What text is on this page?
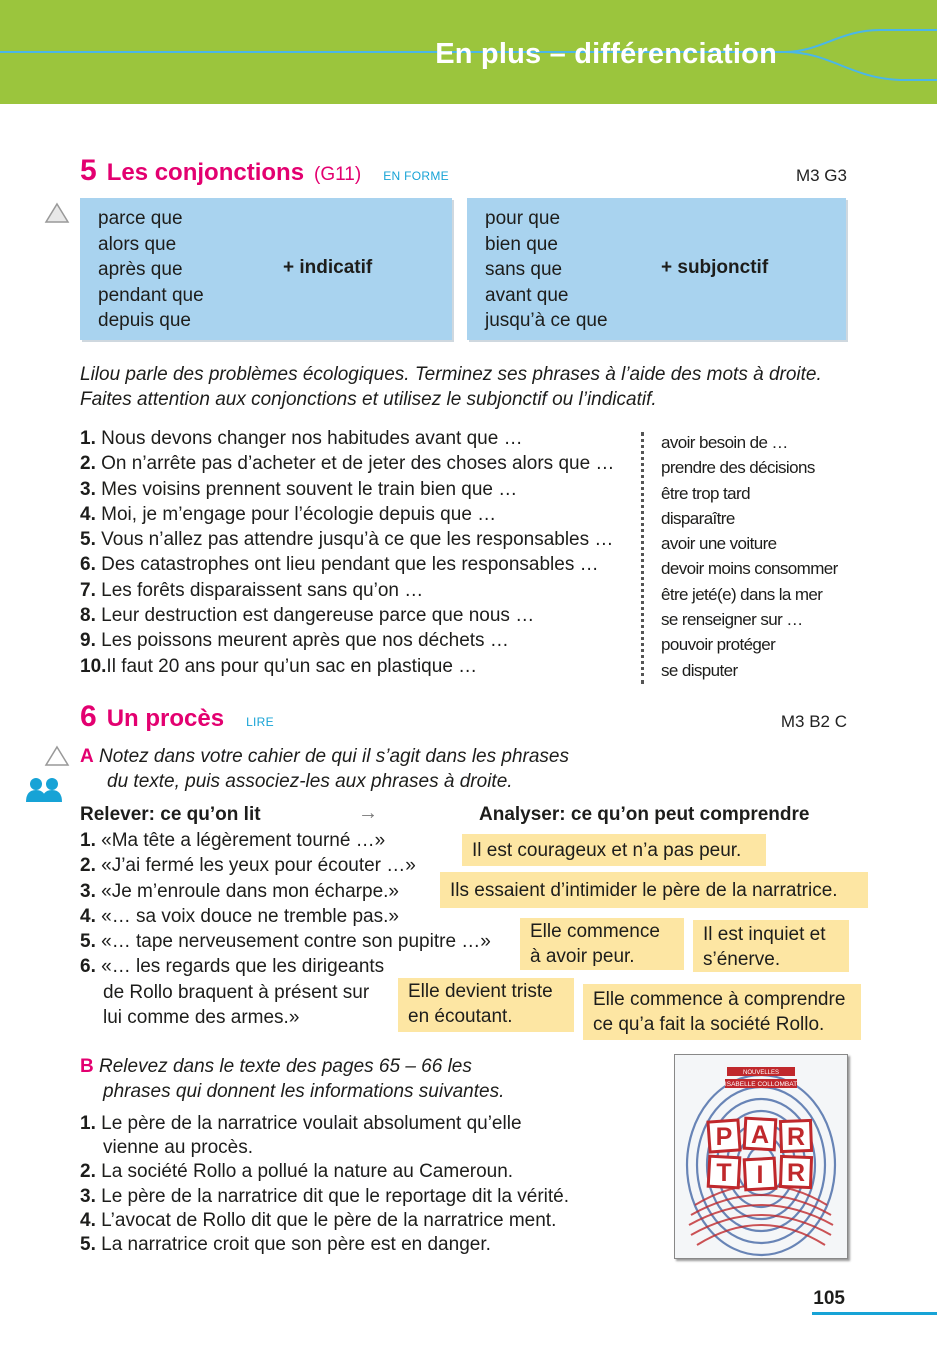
En plus – différenciation
5 Les conjonctions (G11) EN FORME	M3 G3
parce que
alors que
après que
pendant que
depuis que
+ indicatif
pour que
bien que
sans que
avant que
jusqu’à ce que
+ subjonctif
Lilou parle des problèmes écologiques. Terminez ses phrases à l’aide des mots à droite.
Faites attention aux conjonctions et utilisez le subjonctif ou l’indicatif.
1. Nous devons changer nos habitudes avant que …
2. On n’arrête pas d’acheter et de jeter des choses alors que …
3. Mes voisins prennent souvent le train bien que …
4. Moi, je m’engage pour l’écologie depuis que …
5. Vous n’allez pas attendre jusqu’à ce que les responsables …
6. Des catastrophes ont lieu pendant que les responsables …
7. Les forêts disparaissent sans qu’on …
8. Leur destruction est dangereuse parce que nous …
9. Les poissons meurent après que nos déchets …
10.Il faut 20 ans pour qu’un sac en plastique …
avoir besoin de …
prendre des décisions
être trop tard
disparaître
avoir une voiture
devoir moins consommer
être jeté(e) dans la mer
se renseigner sur …
pouvoir protéger
se disputer
6 Un procès LIRE	M3 B2 C
A Notez dans votre cahier de qui il s’agit dans les phrases
du texte, puis associez-les aux phrases à droite.
Relever: ce qu’on lit	→	Analyser: ce qu’on peut comprendre
1. «Ma tête a légèrement tourné …»
2. «J’ai fermé les yeux pour écouter …»
3. «Je m’enroule dans mon écharpe.»
4. «… sa voix douce ne tremble pas.»
5. «… tape nerveusement contre son pupitre …»
6. «… les regards que les dirigeants
de Rollo braquent à présent sur
lui comme des armes.»
Il est courageux et n’a pas peur.
Ils essaient d’intimider le père de la narratrice.
Elle commence
à avoir peur.
Il est inquiet et
s’énerve.
Elle devient triste
en écoutant.
Elle commence à comprendre
ce qu’a fait la société Rollo.
B Relevez dans le texte des pages 65 – 66 les
phrases qui donnent les informations suivantes.
1. Le père de la narratrice voulait absolument qu’elle
vienne au procès.
2. La société Rollo a pollué la nature au Cameroun.
3. Le père de la narratrice dit que le reportage dit la vérité.
4. L’avocat de Rollo dit que le père de la narratrice ment.
5. La narratrice croit que son père est en danger.
P A R
T I R
NOUVELLES
ISABELLE COLLOMBAT
105
